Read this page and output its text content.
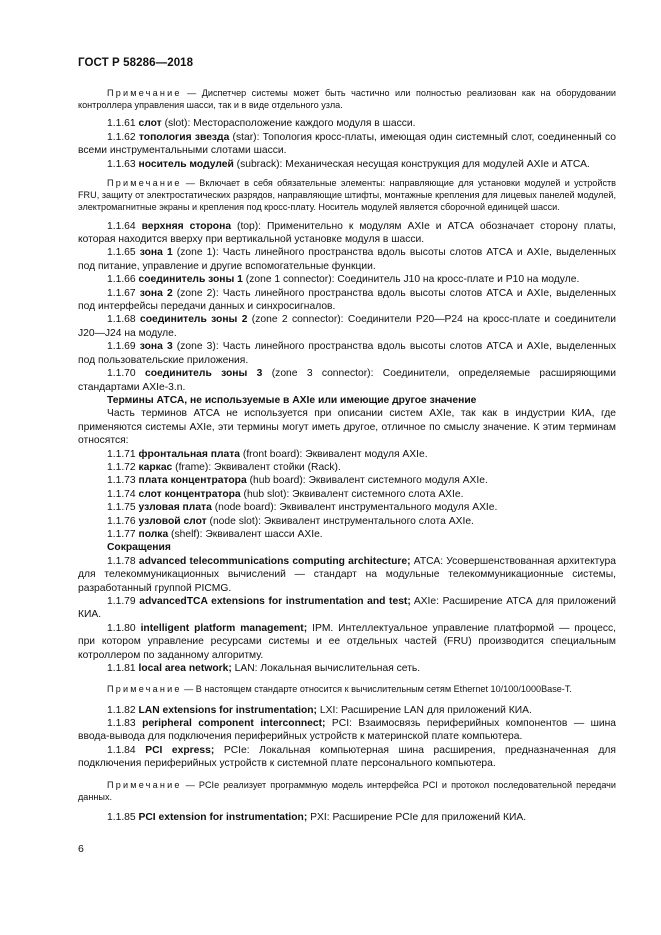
ГОСТ Р 58286—2018

Примечание — Диспетчер системы может быть частично или полностью реализован как на оборудовании контроллера управления шасси, так и в виде отдельного узла.

1.1.61 слот (slot): Месторасположение каждого модуля в шасси.

1.1.62 топология звезда (star): Топология кросс-платы, имеющая один системный слот, соединенный со всеми инструментальными слотами шасси.

1.1.63 носитель модулей (subrack): Механическая несущая конструкция для модулей AXIe и АТСА.

Примечание — Включает в себя обязательные элементы: направляющие для установки модулей и устройств FRU, защиту от электростатических разрядов, направляющие штифты, монтажные крепления для лицевых панелей модулей, электромагнитные экраны и крепления под кросс-плату. Носитель модулей является сборочной единицей шасси.

1.1.64 верхняя сторона (top): Применительно к модулям AXIe и АТСА обозначает сторону платы, которая находится вверху при вертикальной установке модуля в шасси.

1.1.65 зона 1 (zone 1): Часть линейного пространства вдоль высоты слотов АТСА и AXIe, выделенных под питание, управление и другие вспомогательные функции.

1.1.66 соединитель зоны 1 (zone 1 connector): Соединитель J10 на кросс-плате и Р10 на модуле.

1.1.67 зона 2 (zone 2): Часть линейного пространства вдоль высоты слотов АТСА и AXIe, выделенных под интерфейсы передачи данных и синхросигналов.

1.1.68 соединитель зоны 2 (zone 2 connector): Соединители Р20—Р24 на кросс-плате и соединители J20—J24 на модуле.

1.1.69 зона 3 (zone 3): Часть линейного пространства вдоль высоты слотов АТСА и AXIe, выделенных под пользовательские приложения.

1.1.70 соединитель зоны 3 (zone 3 connector): Соединители, определяемые расширяющими стандартами AXIe-3.n.

Термины АТСА, не используемые в AXIe или имеющие другое значение

Часть терминов АТСА не используется при описании систем AXIe, так как в индустрии КИА, где применяются системы AXIe, эти термины могут иметь другое, отличное по смыслу значение. К этим терминам относятся:

1.1.71 фронтальная плата (front board): Эквивалент модуля AXIe.

1.1.72 каркас (frame): Эквивалент стойки (Rack).

1.1.73 плата концентратора (hub board): Эквивалент системного модуля AXIe.

1.1.74 слот концентратора (hub slot): Эквивалент системного слота AXIe.

1.1.75 узловая плата (node board): Эквивалент инструментального модуля AXIe.

1.1.76 узловой слот (node slot): Эквивалент инструментального слота AXIe.

1.1.77 полка (shelf): Эквивалент шасси AXIe.

Сокращения

1.1.78 advanced telecommunications computing architecture; АТСА: Усовершенствованная архитектура для телекоммуникационных вычислений — стандарт на модульные телекоммуникационные системы, разработанный группой PICMG.

1.1.79 advancedTCA extensions for instrumentation and test; AXIe: Расширение АТСА для приложений КИА.

1.1.80 intelligent platform management; IPM. Интеллектуальное управление платформой — процесс, при котором управление ресурсами системы и ее отдельных частей (FRU) производится специальным котроллером по заданному алгоритму.

1.1.81 local area network; LAN: Локальная вычислительная сеть.

Примечание — В настоящем стандарте относится к вычислительным сетям Ethernet 10/100/1000Base-T.

1.1.82 LAN extensions for instrumentation; LXI: Расширение LAN для приложений КИА.

1.1.83 peripheral component interconnect; PCI: Взаимосвязь периферийных компонентов — шина ввода-вывода для подключения периферийных устройств к материнской плате компьютера.

1.1.84 PCI express; PCIe: Локальная компьютерная шина расширения, предназначенная для подключения периферийных устройств к системной плате персонального компьютера.

Примечание — PCIe реализует программную модель интерфейса PCI и протокол последовательной передачи данных.

1.1.85 PCI extension for instrumentation; PXI: Расширение PCIe для приложений КИА.

6
